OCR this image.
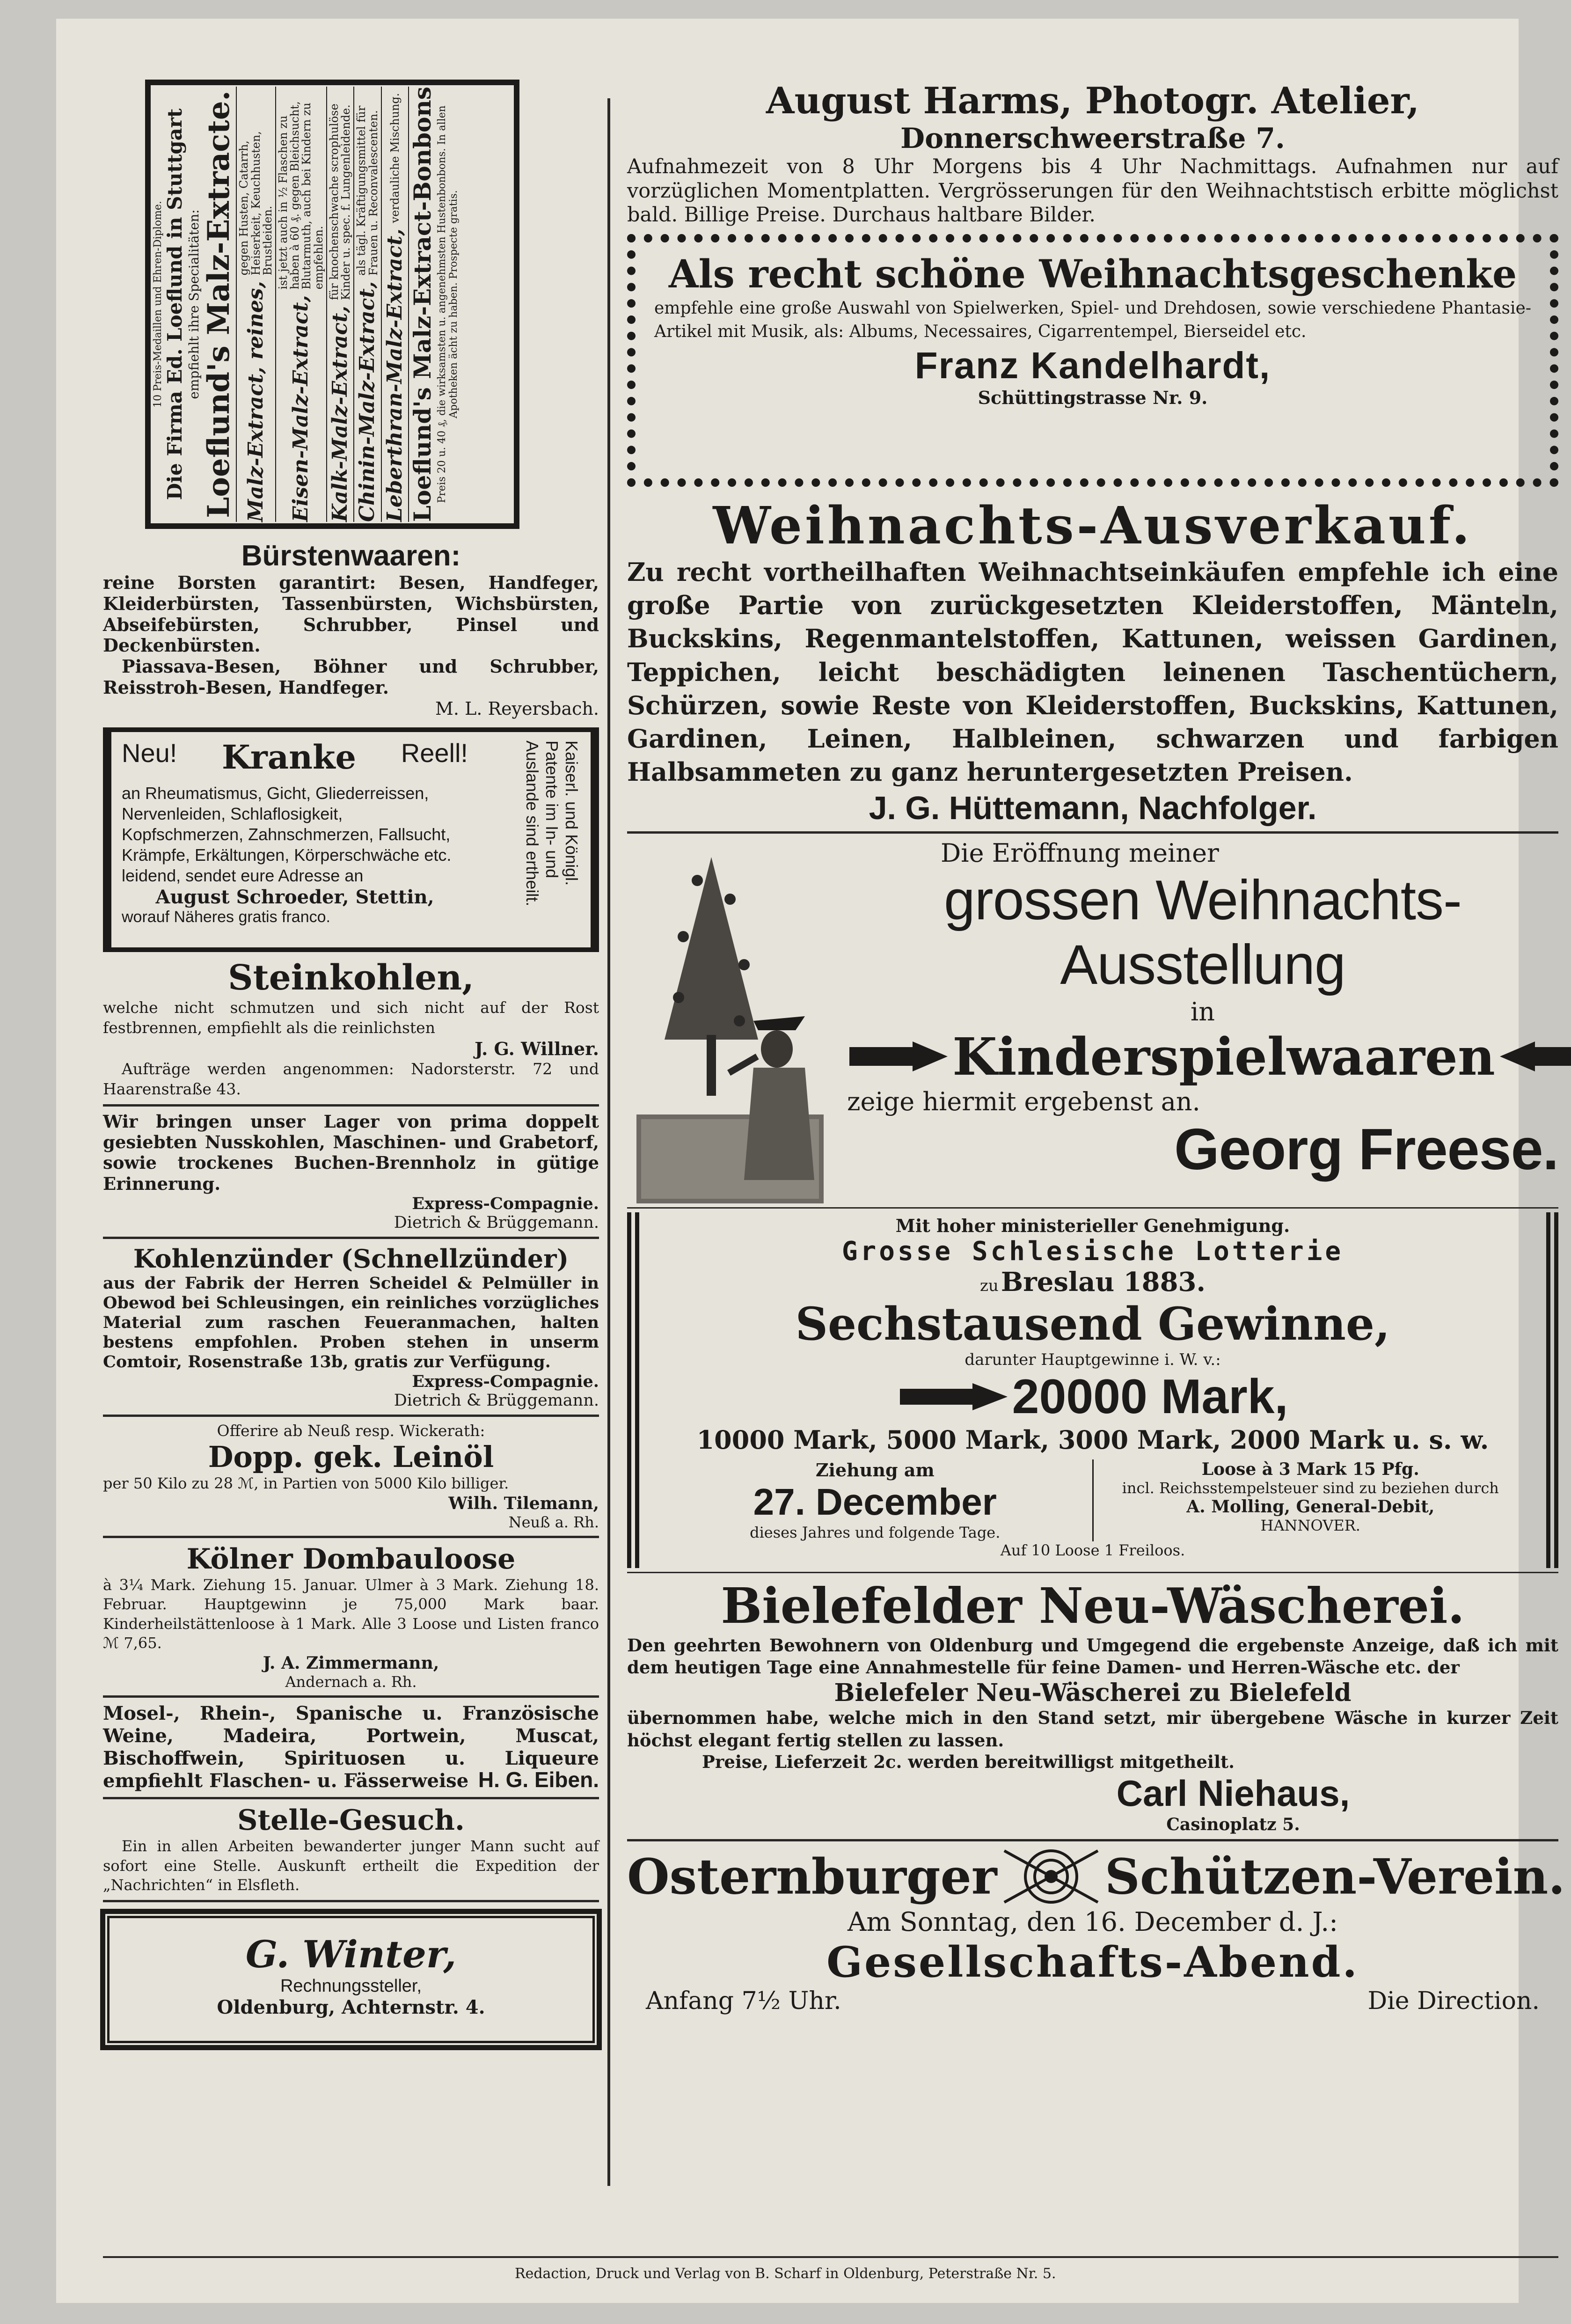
10 Preis-Medaillen und Ehren-Diplome. Die Firma Ed. Loeflund in Stuttgart empfiehlt ihre Specialitäten: Loeflund's Malz-Extracte. Malz-Extract, reines,
gegen Husten, Catarrh, Heiserkeit, Keuchhusten, Brustleiden.
Eisen-Malz-Extract,
ist jetzt auch in ½ Flaschen zu haben à 60 ₰. gegen Bleichsucht, Blutarmuth, auch bei Kindern zu empfehlen.
Kalk-Malz-Extract,
für knochenschwache scrophulöse Kinder u. spec. f. Lungenleidende.
Chinin-Malz-Extract,
als tägl. Kräftigungsmittel für Frauen u. Reconvalescenten.
Leberthran-Malz-Extract,
verdauliche Mischung. Loeflund's Malz-Extract-Bonbons Preis 20 u. 40 ₰, die wirksamsten u. angenehmsten Hustenbonbons. In allen Apotheken ächt zu haben. Prospecte gratis.

Bürstenwaaren:

reine Borsten garantirt: Besen, Handfeger, Kleiderbürsten, Tassenbürsten, Wichsbürsten, Abseifebürsten, Schrubber, Pinsel und Deckenbürsten.

Piassava-Besen, Böhner und Schrubber, Reisstroh-Besen, Handfeger.

M. L. Reyersbach.

Neu! Kranke Reell!

an Rheumatismus, Gicht, Gliederreissen, Nervenleiden, Schlaflosigkeit, Kopfschmerzen, Zahnschmerzen, Fallsucht, Krämpfe, Erkältungen, Körperschwäche etc. leidend, sendet eure Adresse an

August Schroeder, Stettin,

worauf Näheres gratis franco.

Kaiserl. und Königl. Patente im In- und Auslande sind ertheilt.

Steinkohlen,

welche nicht schmutzen und sich nicht auf der Rost festbrennen, empfiehlt als die reinlichsten

J. G. Willner.

Aufträge werden angenommen: Nadorsterstr. 72 und Haarenstraße 43.

Wir bringen unser Lager von prima doppelt gesiebten Nusskohlen, Maschinen- und Grabetorf, sowie trockenes Buchen-Brennholz in gütige Erinnerung.

Express-Compagnie.

Dietrich & Brüggemann.

Kohlenzünder (Schnellzünder)

aus der Fabrik der Herren Scheidel & Pelmüller in Obewod bei Schleusingen, ein reinliches vorzügliches Material zum raschen Feueranmachen, halten bestens empfohlen. Proben stehen in unserm Comtoir, Rosenstraße 13b, gratis zur Verfügung.

Express-Compagnie.

Dietrich & Brüggemann.

Offerire ab Neuß resp. Wickerath:

Dopp. gek. Leinöl

per 50 Kilo zu 28 ℳ, in Partien von 5000 Kilo billiger.

Wilh. Tilemann,

Neuß a. Rh.

Kölner Dombauloose

à 3¼ Mark. Ziehung 15. Januar. Ulmer à 3 Mark. Ziehung 18. Februar. Hauptgewinn je 75,000 Mark baar. Kinderheilstättenloose à 1 Mark. Alle 3 Loose und Listen franco ℳ 7,65.

J. A. Zimmermann,

Andernach a. Rh.

Mosel-, Rhein-, Spanische u. Französische Weine, Madeira, Portwein, Muscat, Bischoffwein, Spirituosen u. Liqueure empfiehlt Flaschen- u. Fässerweise H. G. Eiben.

Stelle-Gesuch.

Ein in allen Arbeiten bewanderter junger Mann sucht auf sofort eine Stelle. Auskunft ertheilt die Expedition der „Nachrichten“ in Elsfleth.

G. Winter,

Rechnungssteller,

Oldenburg, Achternstr. 4.

August Harms, Photogr. Atelier,

Donnerschweerstraße 7.

Aufnahmezeit von 8 Uhr Morgens bis 4 Uhr Nachmittags. Aufnahmen nur auf vorzüglichen Momentplatten. Vergrösserungen für den Weihnachtstisch erbitte möglichst bald. Billige Preise. Durchaus haltbare Bilder.

Als recht schöne Weihnachtsgeschenke

empfehle eine große Auswahl von Spielwerken, Spiel- und Drehdosen, sowie verschiedene Phantasie-Artikel mit Musik, als: Albums, Necessaires, Cigarrentempel, Bierseidel etc.

Franz Kandelhardt,

Schüttingstrasse Nr. 9.

Weihnachts-Ausverkauf.

Zu recht vortheilhaften Weihnachtseinkäufen empfehle ich eine große Partie von zurückgesetzten Kleiderstoffen, Mänteln, Buckskins, Regenmantelstoffen, Kattunen, weissen Gardinen, Teppichen, leicht beschädigten leinenen Taschentüchern, Schürzen, sowie Reste von Kleiderstoffen, Buckskins, Kattunen, Gardinen, Leinen, Halbleinen, schwarzen und farbigen Halbsammeten zu ganz heruntergesetzten Preisen.

J. G. Hüttemann, Nachfolger.

Die Eröffnung meiner

grossen Weihnachts-Ausstellung

in

Kinderspielwaaren

zeige hiermit ergebenst an.

Georg Freese.

Mit hoher ministerieller Genehmigung.

Grosse Schlesische Lotterie

zu Breslau 1883.

Sechstausend Gewinne,

darunter Hauptgewinne i. W. v.:

20000 Mark,

10000 Mark, 5000 Mark, 3000 Mark, 2000 Mark u. s. w.

Ziehung am

27. December

dieses Jahres und folgende Tage.

Loose à 3 Mark 15 Pfg.

incl. Reichsstempelsteuer sind zu beziehen durch

A. Molling, General-Debit,

HANNOVER.

Auf 10 Loose 1 Freiloos.

Bielefelder Neu-Wäscherei.

Den geehrten Bewohnern von Oldenburg und Umgegend die ergebenste Anzeige, daß ich mit dem heutigen Tage eine Annahmestelle für feine Damen- und Herren-Wäsche etc. der

Bielefeler Neu-Wäscherei zu Bielefeld

übernommen habe, welche mich in den Stand setzt, mir übergebene Wäsche in kurzer Zeit höchst elegant fertig stellen zu lassen.

Preise, Lieferzeit 2c. werden bereitwilligst mitgetheilt.

Carl Niehaus,

Casinoplatz 5.

Osternburger Schützen-Verein.

Am Sonntag, den 16. December d. J.:

Gesellschafts-Abend.

Anfang 7½ Uhr.	Die Direction.

Redaction, Druck und Verlag von B. Scharf in Oldenburg, Peterstraße Nr. 5.
